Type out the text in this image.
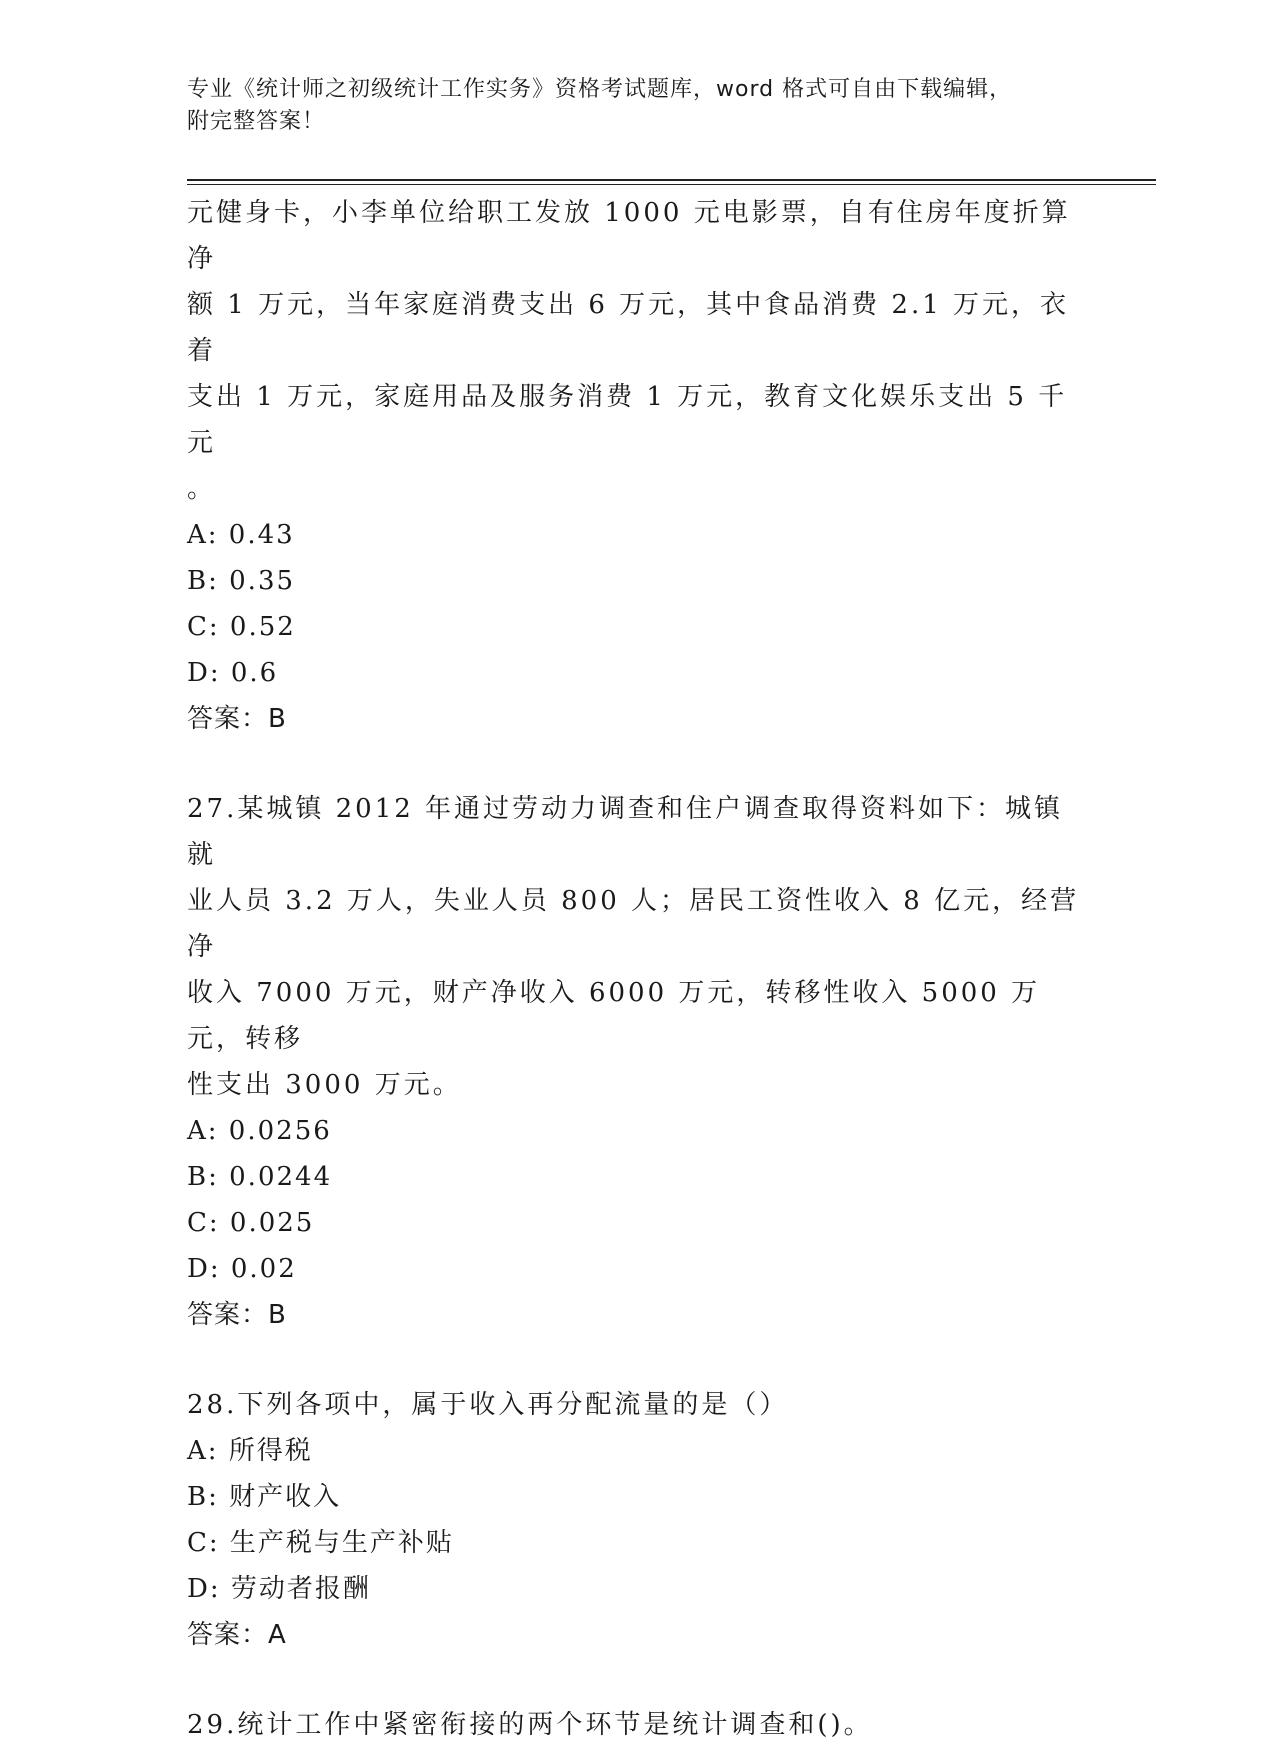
专业《统计师之初级统计工作实务》资格考试题库，word 格式可自由下载编辑，
附完整答案！

元健身卡，小李单位给职工发放 1000 元电影票，自有住房年度折算净

额 1 万元，当年家庭消费支出 6 万元，其中食品消费 2.1 万元，衣着

支出 1 万元，家庭用品及服务消费 1 万元，教育文化娱乐支出 5 千元

。

A: 0.43

B: 0.35

C: 0.52

D: 0.6

答案：B

27.某城镇 2012 年通过劳动力调查和住户调查取得资料如下：城镇就

业人员 3.2 万人，失业人员 800 人；居民工资性收入 8 亿元，经营净

收入 7000 万元，财产净收入 6000 万元，转移性收入 5000 万元，转移

性支出 3000 万元。

A: 0.0256

B: 0.0244

C: 0.025

D: 0.02

答案：B

28.下列各项中，属于收入再分配流量的是（）

A: 所得税

B: 财产收入

C: 生产税与生产补贴

D: 劳动者报酬

答案：A

29.统计工作中紧密衔接的两个环节是统计调查和()。
